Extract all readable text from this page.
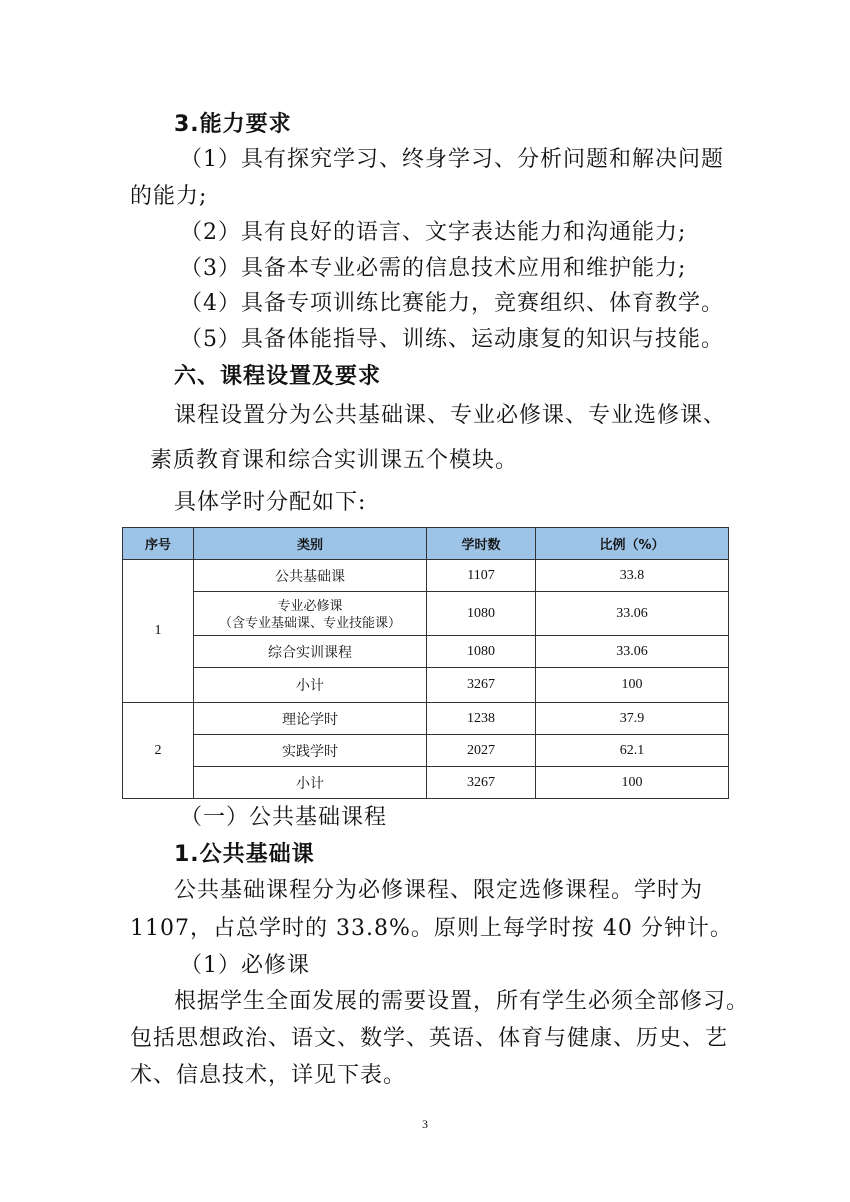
3.能力要求
（1）具有探究学习、终身学习、分析问题和解决问题
的能力;
（2）具有良好的语言、文字表达能力和沟通能力;
（3）具备本专业必需的信息技术应用和维护能力;
（4）具备专项训练比赛能力，竞赛组织、体育教学。
（5）具备体能指导、训练、运动康复的知识与技能。
六、课程设置及要求
课程设置分为公共基础课、专业必修课、专业选修课、
素质教育课和综合实训课五个模块。
具体学时分配如下:
序号	类别	学时数	比例（%）
1	公共基础课	1107	33.8

	专业必修课
（含专业基础课、专业技能课）	1080	33.06
	综合实训课程	1080	33.06
	小计	3267	100
2	理论学时	1238	37.9
	实践学时	2027	62.1
	小计	3267	100
（一）公共基础课程
1.公共基础课
公共基础课程分为必修课程、限定选修课程。学时为
1107，占总学时的 33.8%。原则上每学时按 40 分钟计。
（1）必修课
根据学生全面发展的需要设置，所有学生必须全部修习。
包括思想政治、语文、数学、英语、体育与健康、历史、艺
术、信息技术，详见下表。
3
